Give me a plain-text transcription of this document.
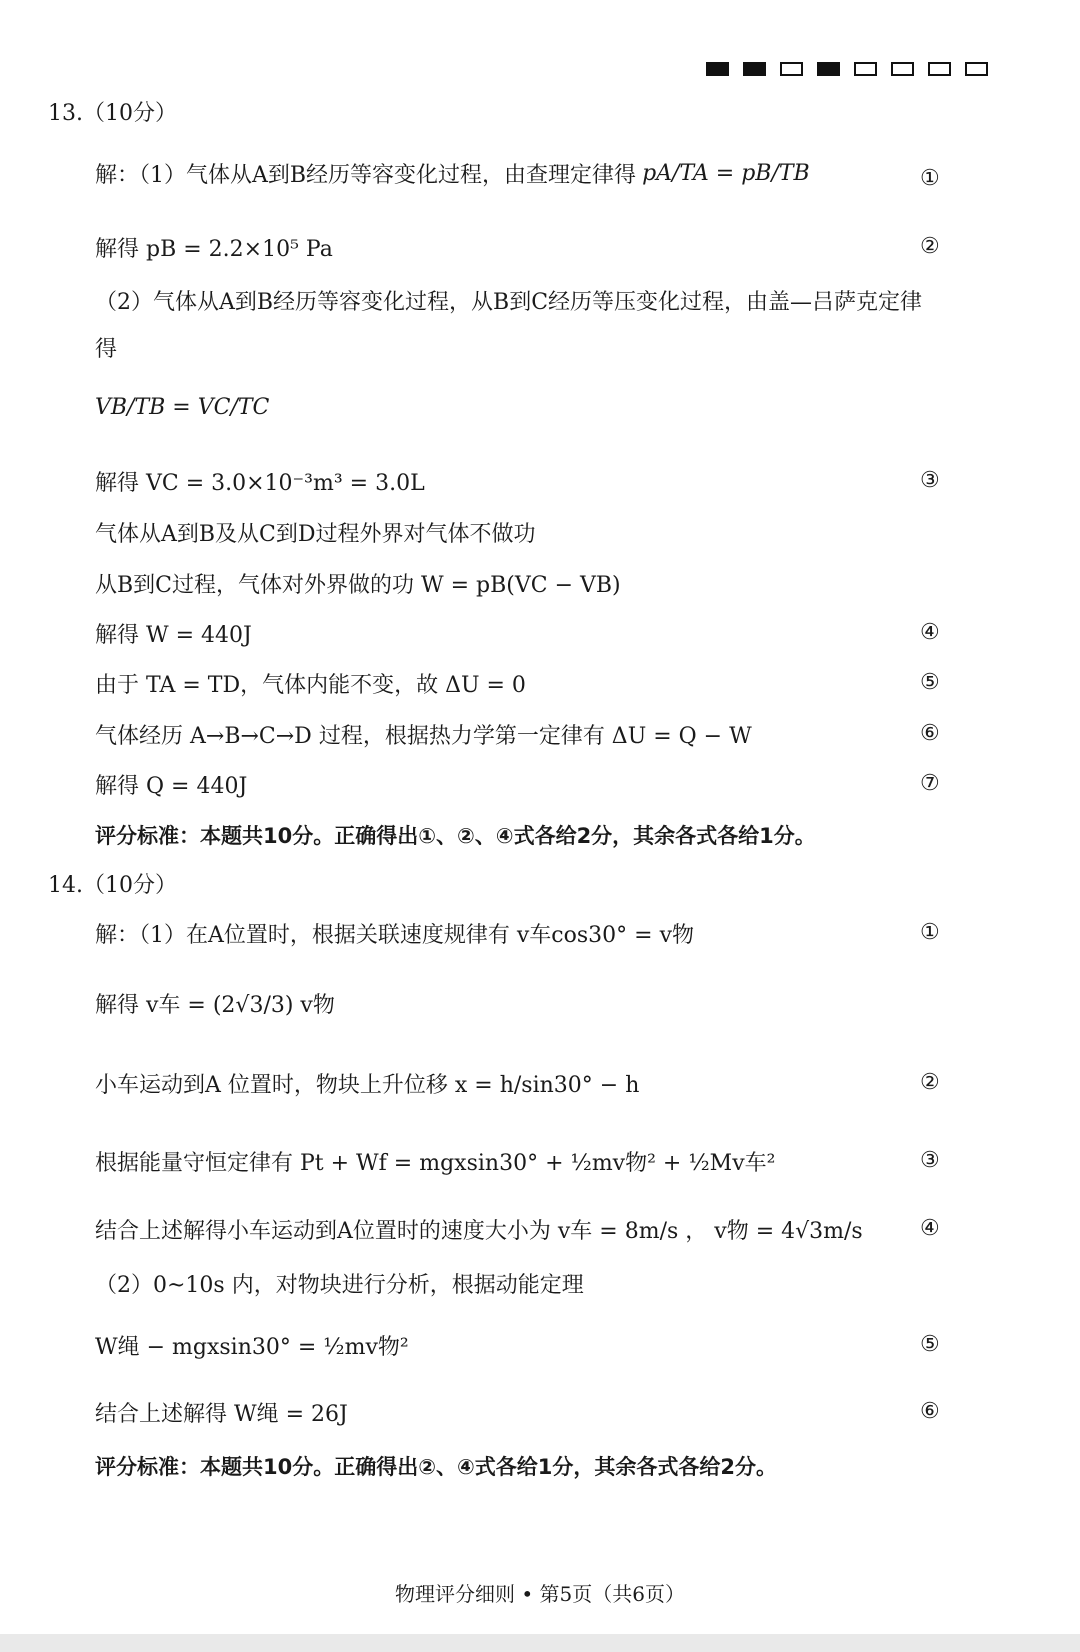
13.（10分）
解：（1）气体从A到B经历等容变化过程，由查理定律得 pA/TA = pB/TB	①
解得 pB = 2.2×10⁵ Pa	②
（2）气体从A到B经历等容变化过程，从B到C经历等压变化过程，由盖—吕萨克定律
得
VB/TB = VC/TC
解得 VC = 3.0×10⁻³m³ = 3.0L	③
气体从A到B及从C到D过程外界对气体不做功
从B到C过程，气体对外界做的功 W = pB(VC − VB)
解得 W = 440J	④
由于 TA = TD，气体内能不变，故 ΔU = 0	⑤
气体经历 A→B→C→D 过程，根据热力学第一定律有 ΔU = Q − W	⑥
解得 Q = 440J	⑦
评分标准：本题共10分。正确得出①、②、④式各给2分，其余各式各给1分。
14.（10分）
解：（1）在A位置时，根据关联速度规律有 v车cos30° = v物	①
解得 v车 = (2√3/3) v物
小车运动到A 位置时，物块上升位移 x = h/sin30° − h	②
根据能量守恒定律有 Pt + Wf = mgxsin30° + ½mv物² + ½Mv车²	③
结合上述解得小车运动到A位置时的速度大小为 v车 = 8m/s ， v物 = 4√3m/s	④
（2）0~10s 内，对物块进行分析，根据动能定理
W绳 − mgxsin30° = ½mv物²	⑤
结合上述解得 W绳 = 26J	⑥
评分标准：本题共10分。正确得出②、④式各给1分，其余各式各给2分。
物理评分细则 • 第5页（共6页）
